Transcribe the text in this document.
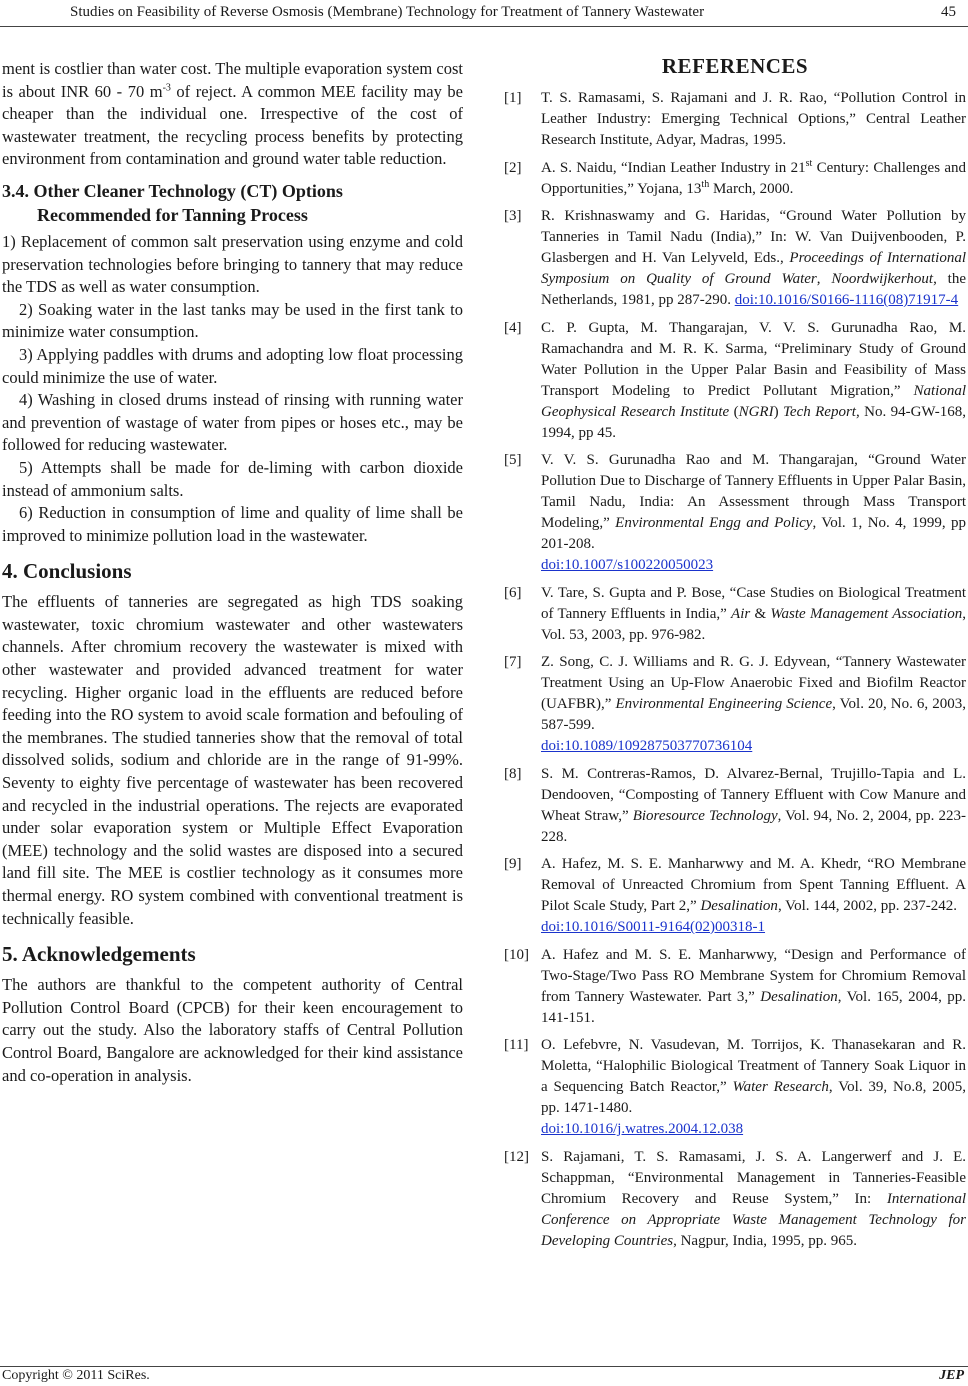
Studies on Feasibility of Reverse Osmosis (Membrane) Technology for Treatment of Tannery Wastewater	45

ment is costlier than water cost. The multiple evaporation system cost is about INR 60 - 70 $m^{-3}$ of reject. A common MEE facility may be cheaper than the individual one. Irrespective of the cost of wastewater treatment, the recycling process benefits by protecting environment from contamination and ground water table reduction.

3.4. Other Cleaner Technology (CT) Options
Recommended for Tanning Process

1) Replacement of common salt preservation using enzyme and cold preservation technologies before bringing to tannery that may reduce the TDS as well as water consumption.

2) Soaking water in the last tanks may be used in the first tank to minimize water consumption.

3) Applying paddles with drums and adopting low float processing could minimize the use of water.

4) Washing in closed drums instead of rinsing with running water and prevention of wastage of water from pipes or hoses etc., may be followed for reducing wastewater.

5) Attempts shall be made for de-liming with carbon dioxide instead of ammonium salts.

6) Reduction in consumption of lime and quality of lime shall be improved to minimize pollution load in the wastewater.

4. Conclusions

The effluents of tanneries are segregated as high TDS soaking wastewater, toxic chromium wastewater and other wastewaters channels. After chromium recovery the wastewater is mixed with other wastewater and provided advanced treatment for water recycling. Higher organic load in the effluents are reduced before feeding into the RO system to avoid scale formation and befouling of the membranes. The studied tanneries show that the removal of total dissolved solids, sodium and chloride are in the range of 91-99%. Seventy to eighty five percentage of wastewater has been recovered and recycled in the industrial operations. The rejects are evaporated under solar evaporation system or Multiple Effect Evaporation (MEE) technology and the solid wastes are disposed into a secured land fill site. The MEE is costlier technology as it consumes more thermal energy. RO system combined with conventional treatment is technically feasible.

5. Acknowledgements

The authors are thankful to the competent authority of Central Pollution Control Board (CPCB) for their keen encouragement to carry out the study. Also the laboratory staffs of Central Pollution Control Board, Bangalore are acknowledged for their kind assistance and co-operation in analysis.

REFERENCES
[1]	T. S. Ramasami, S. Rajamani and J. R. Rao, “Pollution Control in Leather Industry: Emerging Technical Options,” Central Leather Research Institute, Adyar, Madras, 1995.
[2]	A. S. Naidu, “Indian Leather Industry in 21st Century: Challenges and Opportunities,” Yojana, 13th March, 2000.
[3]	R. Krishnaswamy and G. Haridas, “Ground Water Pollution by Tanneries in Tamil Nadu (India),” In: W. Van Duijvenbooden, P. Glasbergen and H. Van Lelyveld, Eds., Proceedings of International Symposium on Quality of Ground Water, Noordwijkerhout, the Netherlands, 1981, pp 287-290. doi:10.1016/S0166-1116(08)71917-4
[4]	C. P. Gupta, M. Thangarajan, V. V. S. Gurunadha Rao, M. Ramachandra and M. R. K. Sarma, “Preliminary Study of Ground Water Pollution in the Upper Palar Basin and Feasibility of Mass Transport Modeling to Predict Pollutant Migration,” National Geophysical Research Institute (NGRI) Tech Report, No. 94-GW-168, 1994, pp 45.
[5]	V. V. S. Gurunadha Rao and M. Thangarajan, “Ground Water Pollution Due to Discharge of Tannery Effluents in Upper Palar Basin, Tamil Nadu, India: An Assessment through Mass Transport Modeling,” Environmental Engg and Policy, Vol. 1, No. 4, 1999, pp 201-208.
doi:10.1007/s100220050023
[6]	V. Tare, S. Gupta and P. Bose, “Case Studies on Biological Treatment of Tannery Effluents in India,” Air & Waste Management Association, Vol. 53, 2003, pp. 976-982.
[7]	Z. Song, C. J. Williams and R. G. J. Edyvean, “Tannery Wastewater Treatment Using an Up-Flow Anaerobic Fixed and Biofilm Reactor (UAFBR),” Environmental Engineering Science, Vol. 20, No. 6, 2003, 587-599.
doi:10.1089/109287503770736104
[8]	S. M. Contreras-Ramos, D. Alvarez-Bernal, Trujillo-Tapia and L. Dendooven, “Composting of Tannery Effluent with Cow Manure and Wheat Straw,” Bioresource Technology, Vol. 94, No. 2, 2004, pp. 223-228.
[9]	A. Hafez, M. S. E. Manharwwy and M. A. Khedr, “RO Membrane Removal of Unreacted Chromium from Spent Tanning Effluent. A Pilot Scale Study, Part 2,” Desalination, Vol. 144, 2002, pp. 237-242.
doi:10.1016/S0011-9164(02)00318-1
[10] A. Hafez and M. S. E. Manharwwy, “Design and Performance of Two-Stage/Two Pass RO Membrane System for Chromium Removal from Tannery Wastewater. Part 3,” Desalination, Vol. 165, 2004, pp. 141-151.
[11] O. Lefebvre, N. Vasudevan, M. Torrijos, K. Thanasekaran and R. Moletta, “Halophilic Biological Treatment of Tannery Soak Liquor in a Sequencing Batch Reactor,” Water Research, Vol. 39, No.8, 2005, pp. 1471-1480.
doi:10.1016/j.watres.2004.12.038
[12] S. Rajamani, T. S. Ramasami, J. S. A. Langerwerf and J. E. Schappman, “Environmental Management in Tanneries-Feasible Chromium Recovery and Reuse System,” In: International Conference on Appropriate Waste Management Technology for Developing Countries, Nagpur, India, 1995, pp. 965.
Copyright © 2011 SciRes.	JEP
